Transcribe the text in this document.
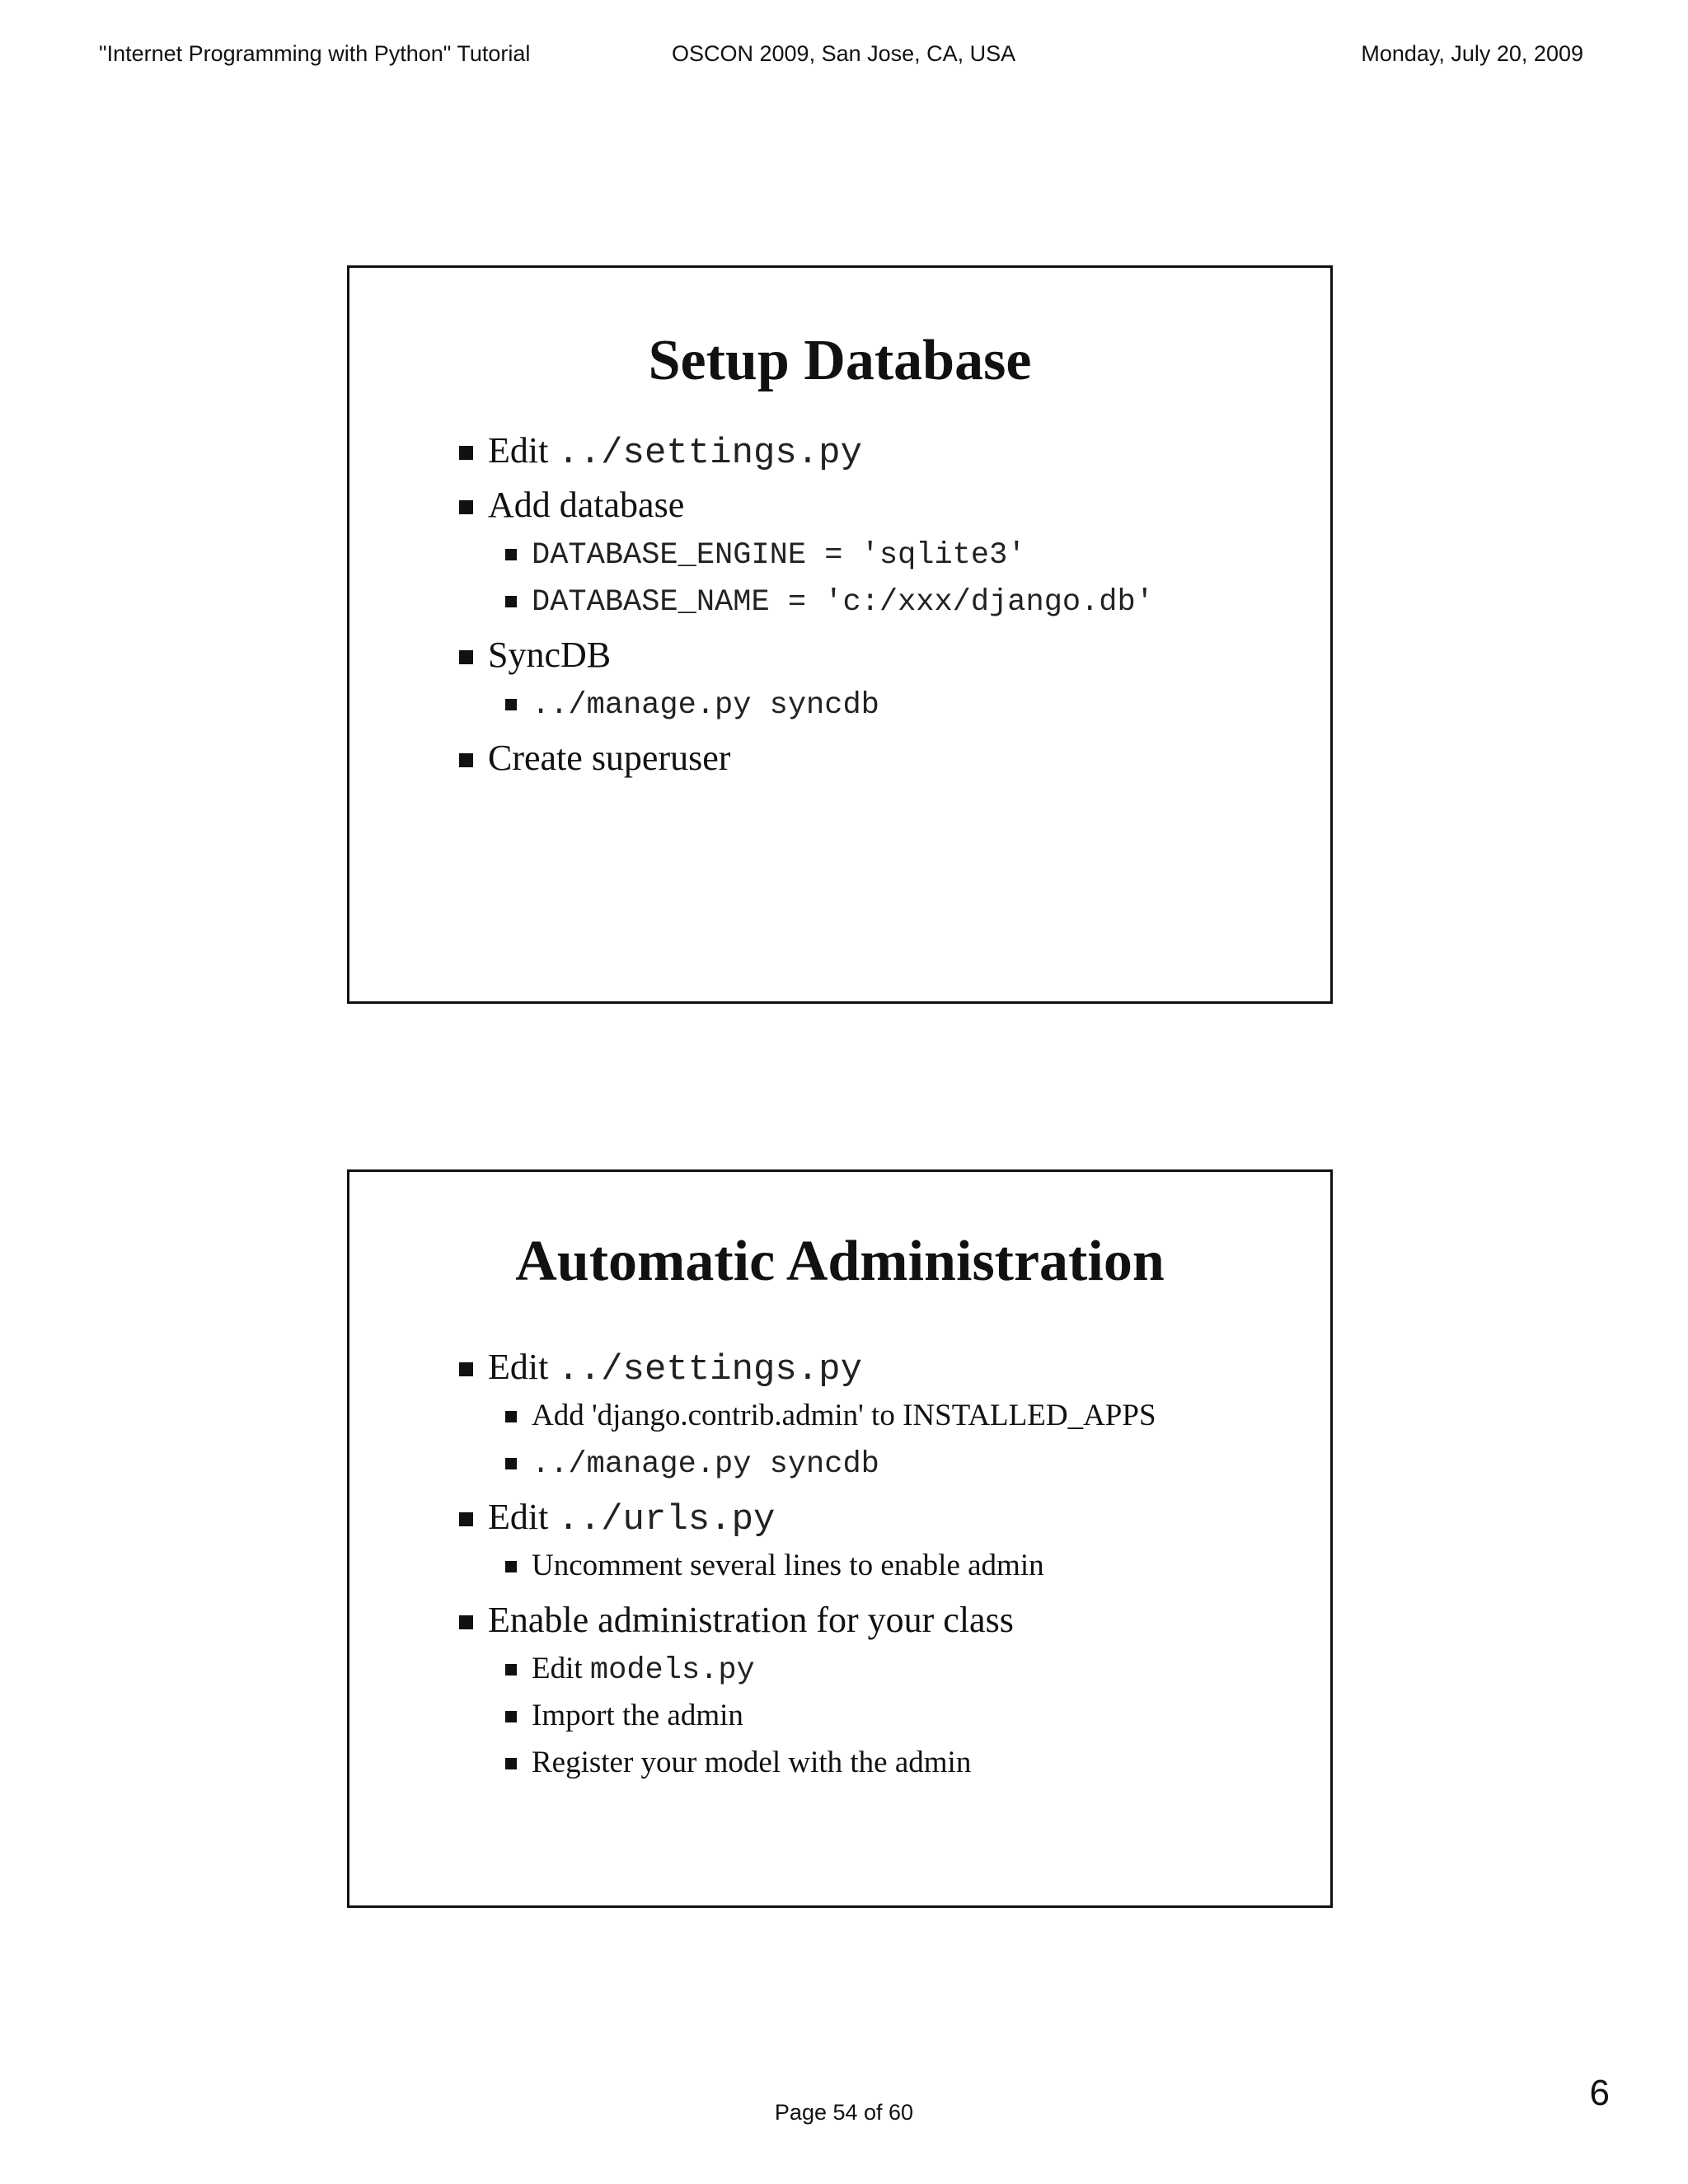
"Internet Programming with Python" Tutorial	OSCON 2009, San Jose, CA, USA	Monday, July 20, 2009
Setup Database
Edit ../settings.py
Add database
DATABASE_ENGINE = 'sqlite3'
DATABASE_NAME = 'c:/xxx/django.db'
SyncDB
../manage.py syncdb
Create superuser
Automatic Administration
Edit ../settings.py
Add 'django.contrib.admin' to INSTALLED_APPS
../manage.py syncdb
Edit ../urls.py
Uncomment several lines to enable admin
Enable administration for your class
Edit models.py
Import the admin
Register your model with the admin
Page 54 of 60	6
